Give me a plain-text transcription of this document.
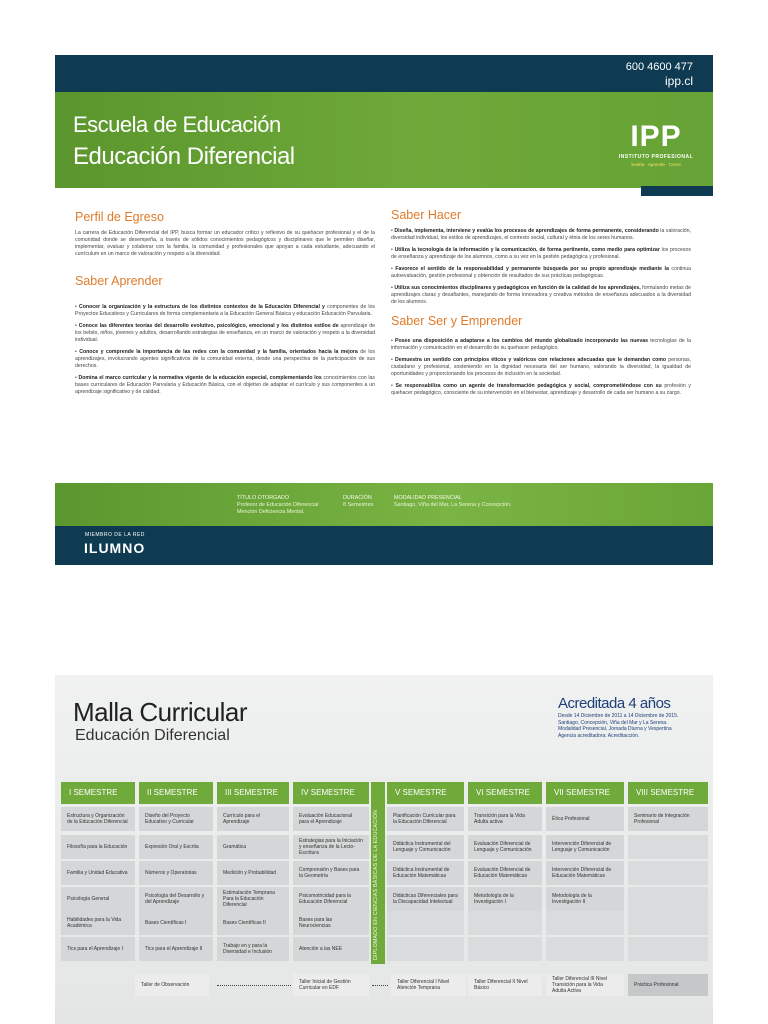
600 4600 477
ipp.cl
Escuela de Educación
Educación Diferencial
IPP
INSTITUTO PROFESIONAL
Sueña · Aprende · Crece
Perfil de Egreso
La carrera de Educación Diferencial del IPP, busca formar un educador crítico y reflexivo de su quehacer profesional y el de la comunidad donde se desempeña, a través de sólidos conocimientos pedagógicos y disciplinares que le permiten diseñar, implementar, evaluar y colaborar con la familia, la comunidad y profesionales que apoyan a cada estudiante, adecuando el currículum en un marco de valoración y respeto a la diversidad.
Saber Aprender
• Conocer la organización y la estructura de los distintos contextos de la Educación Diferencial y componentes de los Proyectos Educativos y Curriculares de forma complementaria a la Educación General Básica y educación Educación Parvularia.
• Conoce las diferentes teorías del desarrollo evolutivo, psicológico, emocional y los distintos estilos de aprendizaje de los bebés, niños, jóvenes y adultos, desarrollando estrategias de enseñanza, en un marco de valoración y respeto a la diversidad individual.
• Conoce y comprende la importancia de las redes con la comunidad y la familia, orientados hacia la mejora de los aprendizajes, involucrando agentes significativos de la comunidad externa, desde una perspectiva de la participación de sus derechos.
• Domina el marco curricular y la normativa vigente de la educación especial, complementando los conocimientos con las bases curriculares de Educación Parvularia y Educación Básica, con el objetivo de adaptar el currículo y sus componentes a un aprendizaje significativo y de calidad.
Saber Hacer
• Diseña, implementa, interviene y evalúa los procesos de aprendizajes de forma permanente, considerando la valoración, diversidad individual, los estilos de aprendizajes, el contexto social, cultural y étnia de los seres humanos.
• Utiliza la tecnología de la información y la comunicación, de forma pertinente, como medio para optimizar los procesos de enseñanza y aprendizaje de los alumnos, como a su vez en la gestión pedagógica y profesional.
• Favorece el sentido de la responsabilidad y permanente búsqueda por su propio aprendizaje mediante la continua autoevaluación, gestión profesional y obtención de resultados de sus prácticas pedagógicas.
• Utiliza sus conocimientos disciplinares y pedagógicos en función de la calidad de los aprendizajes, formulando metas de aprendizajes claras y desafiantes, manejando de forma innovadora y creativa métodos de enseñanza adecuados a la diversidad de los alumnos.
Saber Ser y Emprender
• Posee una disposición a adaptarse a los cambios del mundo globalizado incorporando las nuevas tecnologías de la información y comunicación en el desarrollo de su quehacer pedagógico.
• Demuestra un sentido con principios éticos y valóricos con relaciones adecuadas que le demandan como personas, ciudadano y profesional, sosteniendo en la dignidad necesaria del ser humano, valorando la diversidad, la igualdad de oportunidades y proporcionando los procesos de inclusión en la sociedad.
• Se responsabiliza como un agente de transformación pedagógica y social, comprometiéndose con su profesión y quehacer pedagógico, consciente de su intervención en el bienestar, aprendizaje y desarrollo de cada ser humano a su cargo.
TÍTULO OTORGADO
Profesor de Educación Diferencial
Mención Deficiencia Mental.
DURACIÓN
8 Semestres
MODALIDAD PRESENCIAL
Santiago, Viña del Mar, La Serena y Concepción.
MIEMBRO DE LA RED
ILUMNO
Malla Curricular
Educación Diferencial
Acreditada 4 años
Desde 14 Diciembre de 2011 a 14 Diciembre de 2015.
Santiago, Concepción, Viña del Mar y La Serena.
Modalidad Presencial, Jornada Diurna y Vespertina
Agencia acreditadora: Acreditacción.
I SEMESTRE
Estructura y Organización de la Educación Diferencial
Filosofía para la Educación
Familia y Unidad Educativa
Psicología General
Habilidades para la Vida Académica
Tics para el Aprendizaje I
II SEMESTRE
Diseño del Proyecto Educativo y Curricular
Expresión Oral y Escrita
Números y Operatorias
Psicología del Desarrollo y del Aprendizaje
Bases Científicas I
Tics para el Aprendizaje II
III SEMESTRE
Currículo para el Aprendizaje
Gramática
Medición y Probabilidad
Estimulación Temprana Para la Educación Diferencial
Bases Científicas II
Trabajo en y para la Diversidad e Inclusión
IV SEMESTRE
Evaluación Educacional para el Aprendizaje
Estrategias para la Iniciación y enseñanza de la Lecto-Escritura
Comprensión y Bases para la Geometría
Psicomotricidad para la Educación Diferencial
Bases para las Neurociencias
Atención a las NEE
V SEMESTRE
Planificación Curricular para la Educación Diferencial
Didáctica Instrumental del Lenguaje y Comunicación
Didáctica Instrumental de Educación Matemáticas
Didácticas Diferenciales para la Discapacidad Intelectual
VI SEMESTRE
Transición para la Vida Adulta activa
Evaluación Diferencial de Lenguaje y Comunicación
Evaluación Diferencial de Educación Matemáticas
Metodología de la Investigación I
VII SEMESTRE
Ética Profesional
Intervención Diferencial de Lenguaje y Comunicación
Intervención Diferencial de Educación Matemáticas
Metodología de la Investigación II
VIII SEMESTRE
Seminario de Integración Profesional
DIPLOMADO EN CIENCIAS BÁSICAS DE LA EDUCACIÓN
Taller de Observación	Taller Inicial de Gestión Curricular en EDF
Taller Diferencial I Nivel Atención Temprana
Taller Diferencial II Nivel Básico
Taller Diferencial III Nivel Transición para la Vida Adulta Activa
Práctica Profesional
